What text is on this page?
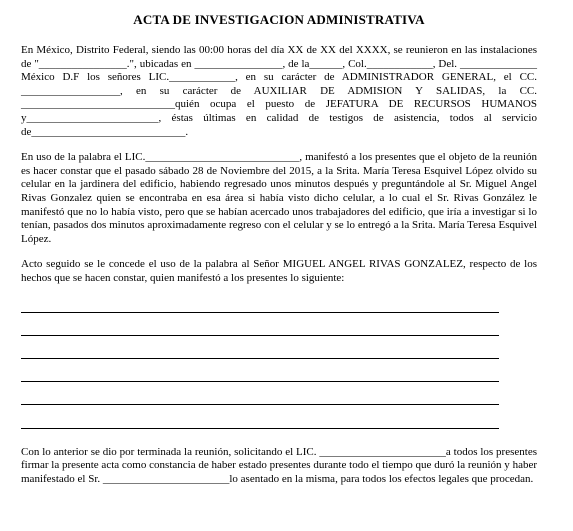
ACTA DE INVESTIGACION ADMINISTRATIVA

En México, Distrito Federal, siendo las 00:00 horas del día XX de XX del XXXX, se reunieron en las instalaciones de "________________.", ubicadas en ________________, de la______, Col.____________, Del. ______________ México D.F los señores LIC.____________, en su carácter de ADMINISTRADOR GENERAL, el CC. __________________, en su carácter de AUXILIAR DE ADMISION Y SALIDAS, la CC. ____________________________quién ocupa el puesto de JEFATURA DE RECURSOS HUMANOS y________________________, éstas últimas en calidad de testigos de asistencia, todos al servicio de____________________________.

En uso de la palabra el LIC.____________________________, manifestó a los presentes que el objeto de la reunión es hacer constar que el pasado sábado 28 de Noviembre del 2015, a la Srita. María Teresa Esquivel López olvido su celular en la jardinera del edificio, habiendo regresado unos minutos después y preguntándole al Sr. Miguel Angel Rivas Gonzalez quien se encontraba en esa área si había visto dicho celular, a lo cual el Sr. Rivas González le manifestó que no lo había visto, pero que se habían acercado unos trabajadores del edificio, que iría a investigar si lo tenían, pasados dos minutos aproximadamente regreso con el celular y se lo entregó a la Srita. María Teresa Esquivel López.

Acto seguido se le concede el uso de la palabra al Señor MIGUEL ANGEL RIVAS GONZALEZ, respecto de los hechos que se hacen constar, quien manifestó a los presentes lo siguiente:

Con lo anterior se dio por terminada la reunión, solicitando el LIC. _______________________a todos los presentes firmar la presente acta como constancia de haber estado presentes durante todo el tiempo que duró la reunión y haber manifestado el Sr. _______________________lo asentado en la misma, para todos los efectos legales que procedan.
